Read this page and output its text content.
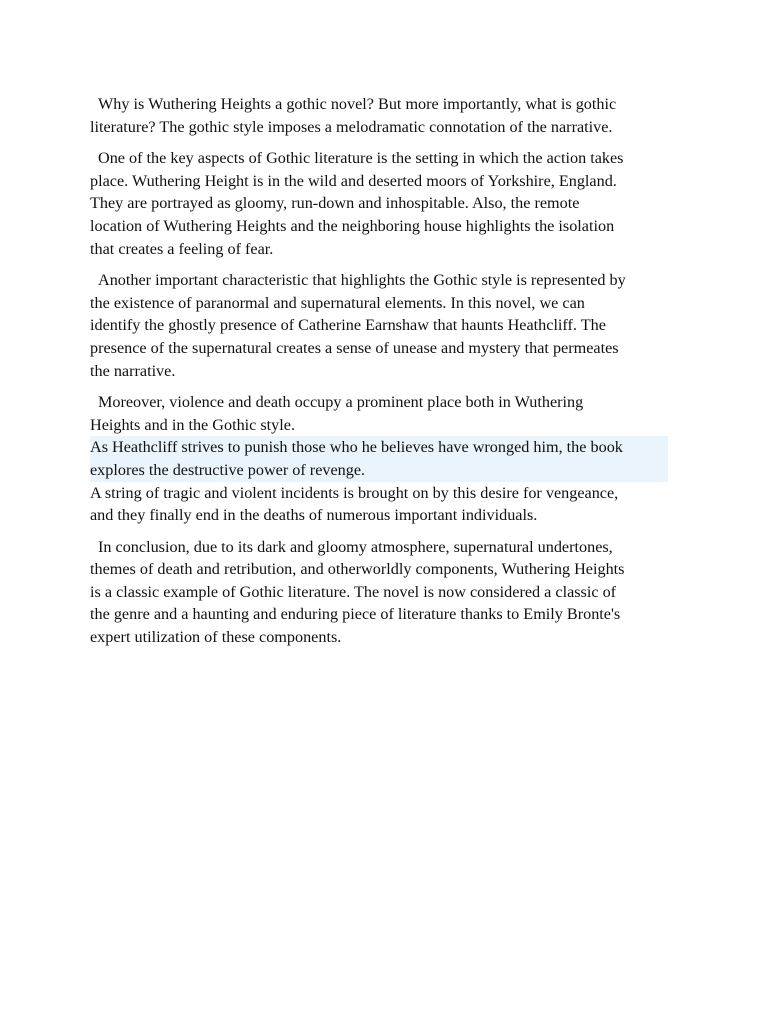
Why is Wuthering Heights a gothic novel? But more importantly, what is gothic
literature? The gothic style imposes a melodramatic connotation of the narrative.

One of the key aspects of Gothic literature is the setting in which the action takes
place. Wuthering Height is in the wild and deserted moors of Yorkshire, England.
They are portrayed as gloomy, run-down and inhospitable. Also, the remote
location of Wuthering Heights and the neighboring house highlights the isolation
that creates a feeling of fear.

Another important characteristic that highlights the Gothic style is represented by
the existence of paranormal and supernatural elements. In this novel, we can
identify the ghostly presence of Catherine Earnshaw that haunts Heathcliff. The
presence of the supernatural creates a sense of unease and mystery that permeates
the narrative.

Moreover, violence and death occupy a prominent place both in Wuthering
Heights and in the Gothic style.
As Heathcliff strives to punish those who he believes have wronged him, the book
explores the destructive power of revenge.
A string of tragic and violent incidents is brought on by this desire for vengeance,
and they finally end in the deaths of numerous important individuals.

In conclusion, due to its dark and gloomy atmosphere, supernatural undertones,
themes of death and retribution, and otherworldly components, Wuthering Heights
is a classic example of Gothic literature. The novel is now considered a classic of
the genre and a haunting and enduring piece of literature thanks to Emily Bronte's
expert utilization of these components.
